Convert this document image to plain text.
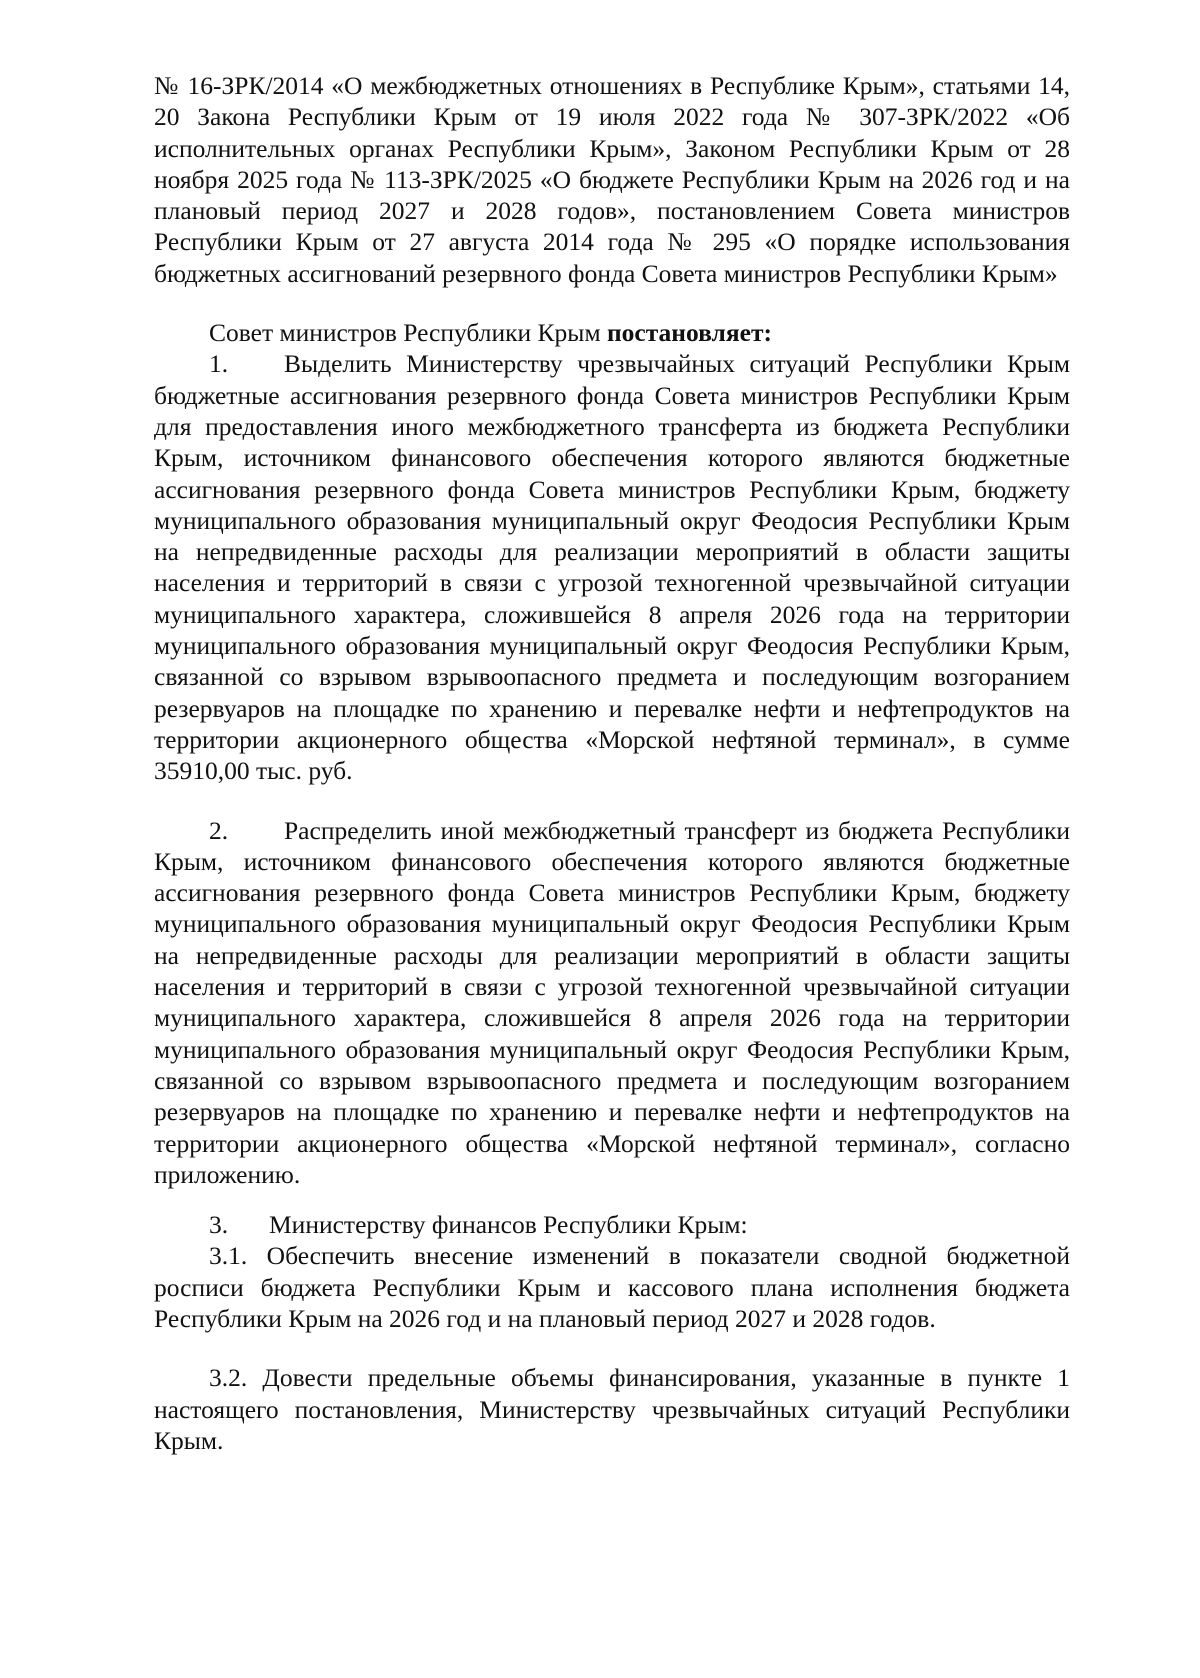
№ 16-ЗРК/2014 «О межбюджетных отношениях в Республике Крым», статьями 14, 20 Закона Республики Крым от 19 июля 2022 года № 307-ЗРК/2022 «Об исполнительных органах Республики Крым», Законом Республики Крым от 28 ноября 2025 года № 113-ЗРК/2025 «О бюджете Республики Крым на 2026 год и на плановый период 2027 и 2028 годов», постановлением Совета министров Республики Крым от 27 августа 2014 года № 295 «О порядке использования бюджетных ассигнований резервного фонда Совета министров Республики Крым»

Совет министров Республики Крым постановляет:

1. Выделить Министерству чрезвычайных ситуаций Республики Крым бюджетные ассигнования резервного фонда Совета министров Республики Крым для предоставления иного межбюджетного трансферта из бюджета Республики Крым, источником финансового обеспечения которого являются бюджетные ассигнования резервного фонда Совета министров Республики Крым, бюджету муниципального образования муниципальный округ Феодосия Республики Крым на непредвиденные расходы для реализации мероприятий в области защиты населения и территорий в связи с угрозой техногенной чрезвычайной ситуации муниципального характера, сложившейся 8 апреля 2026 года на территории муниципального образования муниципальный округ Феодосия Республики Крым, связанной со взрывом взрывоопасного предмета и последующим возгоранием резервуаров на площадке по хранению и перевалке нефти и нефтепродуктов на территории акционерного общества «Морской нефтяной терминал», в сумме 35910,00 тыс. руб.

2. Распределить иной межбюджетный трансферт из бюджета Республики Крым, источником финансового обеспечения которого являются бюджетные ассигнования резервного фонда Совета министров Республики Крым, бюджету муниципального образования муниципальный округ Феодосия Республики Крым на непредвиденные расходы для реализации мероприятий в области защиты населения и территорий в связи с угрозой техногенной чрезвычайной ситуации муниципального характера, сложившейся 8 апреля 2026 года на территории муниципального образования муниципальный округ Феодосия Республики Крым, связанной со взрывом взрывоопасного предмета и последующим возгоранием резервуаров на площадке по хранению и перевалке нефти и нефтепродуктов на территории акционерного общества «Морской нефтяной терминал», согласно приложению.

3. Министерству финансов Республики Крым:

3.1. Обеспечить внесение изменений в показатели сводной бюджетной росписи бюджета Республики Крым и кассового плана исполнения бюджета Республики Крым на 2026 год и на плановый период 2027 и 2028 годов.

3.2. Довести предельные объемы финансирования, указанные в пункте 1 настоящего постановления, Министерству чрезвычайных ситуаций Республики Крым.
